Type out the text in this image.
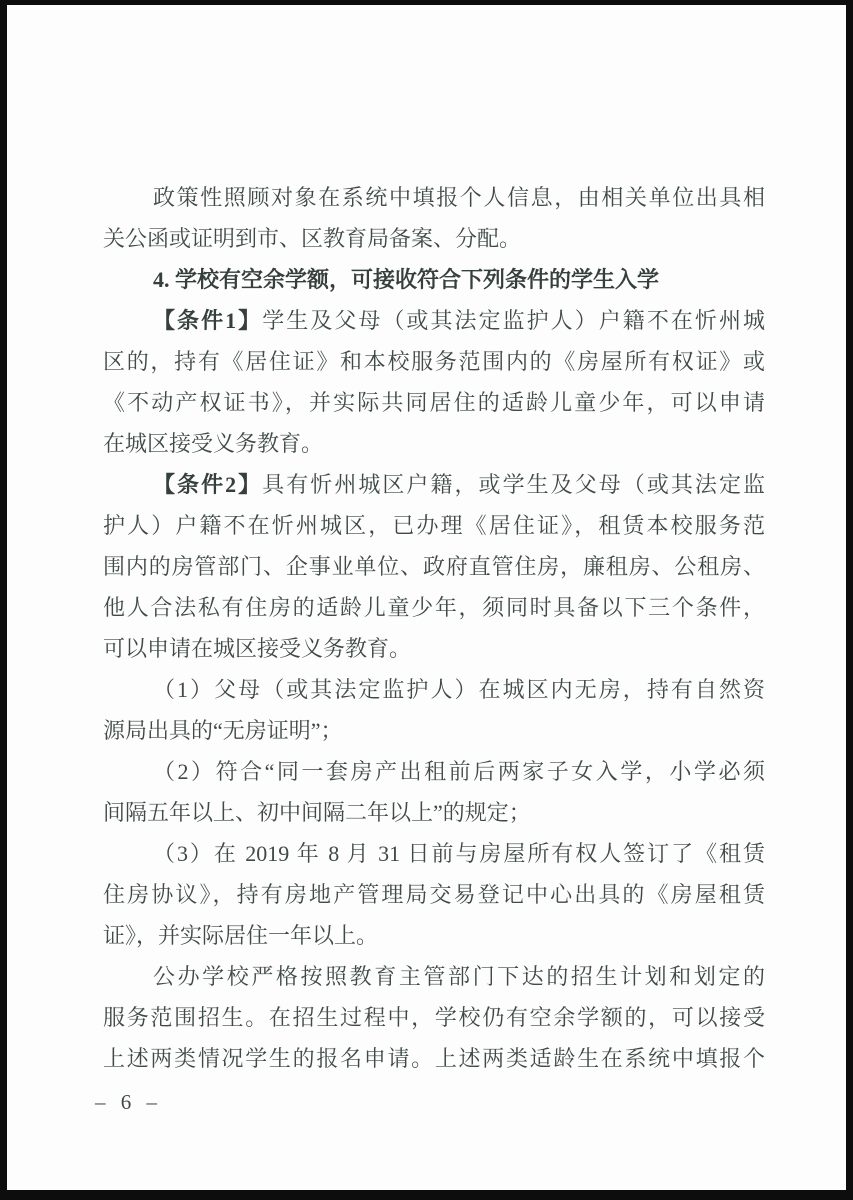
政策性照顾对象在系统中填报个人信息，由相关单位出具相
关公函或证明到市、区教育局备案、分配。
4. 学校有空余学额，可接收符合下列条件的学生入学
【条件1】学生及父母（或其法定监护人）户籍不在忻州城
区的，持有《居住证》和本校服务范围内的《房屋所有权证》或
《不动产权证书》，并实际共同居住的适龄儿童少年，可以申请
在城区接受义务教育。
【条件2】具有忻州城区户籍，或学生及父母（或其法定监
护人）户籍不在忻州城区，已办理《居住证》，租赁本校服务范
围内的房管部门、企事业单位、政府直管住房，廉租房、公租房、
他人合法私有住房的适龄儿童少年，须同时具备以下三个条件，
可以申请在城区接受义务教育。
（1）父母（或其法定监护人）在城区内无房，持有自然资
源局出具的“无房证明”；
（2）符合“同一套房产出租前后两家子女入学，小学必须
间隔五年以上、初中间隔二年以上”的规定；
（3）在 2019 年 8 月 31 日前与房屋所有权人签订了《租赁
住房协议》，持有房地产管理局交易登记中心出具的《房屋租赁
证》，并实际居住一年以上。
公办学校严格按照教育主管部门下达的招生计划和划定的
服务范围招生。在招生过程中，学校仍有空余学额的，可以接受
上述两类情况学生的报名申请。上述两类适龄生在系统中填报个
– 6 –
